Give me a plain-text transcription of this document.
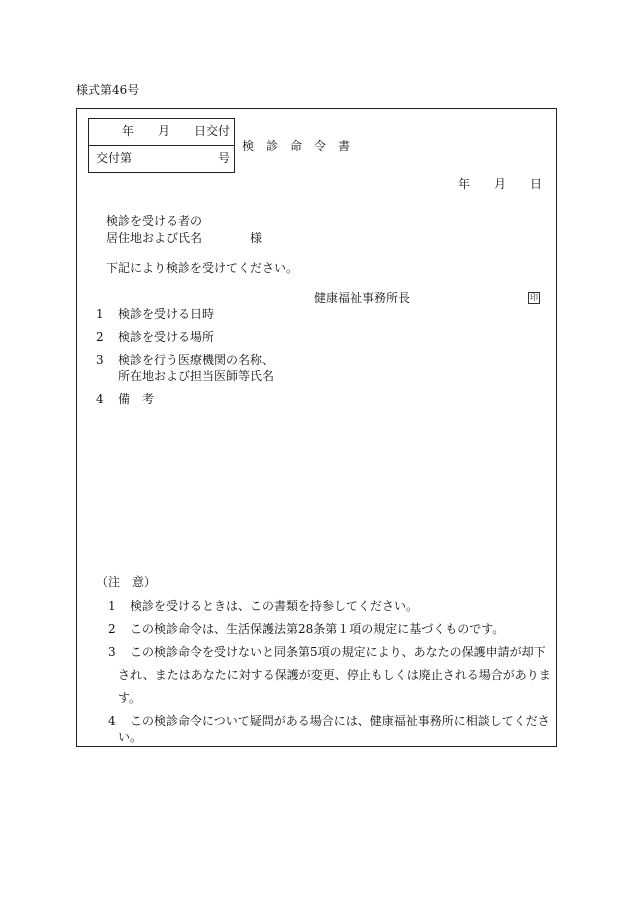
様式第46号
年　　月　　日交付
交付第	号
検　診　命　令　書
年　　月　　日
検診を受ける者の
居住地および氏名	様
下記により検診を受けてください。
健康福祉事務所長	印
1 検診を受ける日時
2 検診を受ける場所
3 検診を行う医療機関の名称、
所在地および担当医師等氏名
4 備　考
（注　意）
1 検診を受けるときは、この書類を持参してください。
2 この検診命令は、生活保護法第28条第１項の規定に基づくものです。
3 この検診命令を受けないと同条第5項の規定により、あなたの保護申請が却下
され、またはあなたに対する保護が変更、停止もしくは廃止される場合がありま
す。
4 この検診命令について疑問がある場合には、健康福祉事務所に相談してくださ
い。
